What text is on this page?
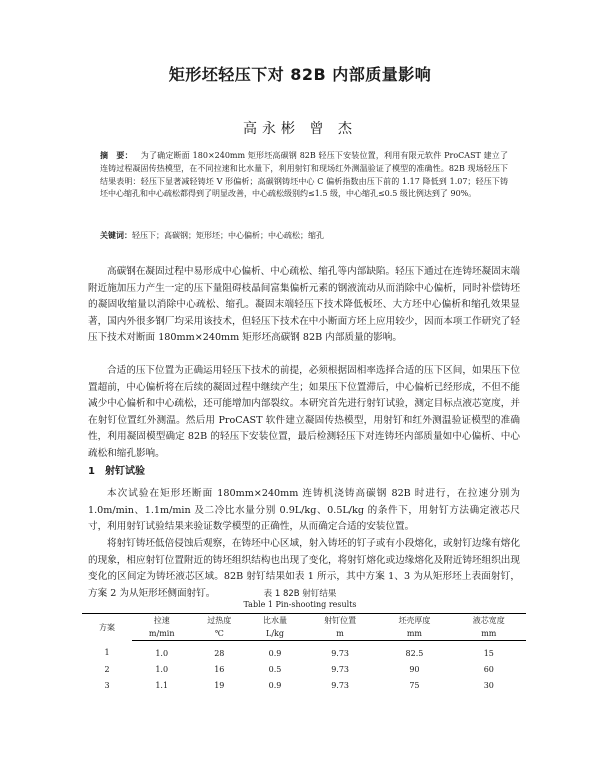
矩形坯轻压下对 82B 内部质量影响
高永彬 曾 杰
摘　要： 为了确定断面 180×240mm 矩形坯高碳钢 82B 轻压下安装位置，利用有限元软件 ProCAST 建立了连铸过程凝固传热模型，在不同拉速和比水量下，利用射钉和现场红外测温验证了模型的准确性。82B 现场轻压下结果表明：轻压下显著减轻铸坯 V 形偏析；高碳钢铸坯中心 C 偏析指数由压下前的 1.17 降低到 1.07；轻压下铸坯中心缩孔和中心疏松都得到了明显改善，中心疏松级别约≤1.5 级，中心缩孔≤0.5 级比例达到了 90%。
关键词：轻压下；高碳钢；矩形坯；中心偏析；中心疏松；缩孔
高碳钢在凝固过程中易形成中心偏析、中心疏松、缩孔等内部缺陷。轻压下通过在连铸坯凝固末端附近施加压力产生一定的压下量阻碍枝晶间富集偏析元素的钢液流动从而消除中心偏析，同时补偿铸坯的凝固收缩量以消除中心疏松、缩孔。凝固末端轻压下技术降低板坯、大方坯中心偏析和缩孔效果显著，国内外很多钢厂均采用该技术，但轻压下技术在中小断面方坯上应用较少，因而本项工作研究了轻压下技术对断面 180mm×240mm 矩形坯高碳钢 82B 内部质量的影响。
合适的压下位置为正确运用轻压下技术的前提，必须根据固相率选择合适的压下区间，如果压下位置超前，中心偏析将在后续的凝固过程中继续产生；如果压下位置滞后，中心偏析已经形成，不但不能减少中心偏析和中心疏松，还可能增加内部裂纹。本研究首先进行射钉试验，测定目标点液芯宽度，并在射钉位置红外测温。然后用 ProCAST 软件建立凝固传热模型，用射钉和红外测温验证模型的准确性，利用凝固模型确定 82B 的轻压下安装位置，最后检测轻压下对连铸坯内部质量如中心偏析、中心疏松和缩孔影响。
1　射钉试验
本次试验在矩形坯断面 180mm×240mm 连铸机浇铸高碳钢 82B 时进行，在拉速分别为 1.0m/min、1.1m/min 及二冷比水量分别 0.9L/kg、0.5L/kg 的条件下，用射钉方法确定液芯尺寸，利用射钉试验结果来验证数学模型的正确性，从而确定合适的安装位置。
将射钉铸坯低倍侵蚀后观察，在铸坯中心区域，射入铸坯的钉子或有小段熔化，或射钉边缘有熔化的现象，相应射钉位置附近的铸坯组织结构也出现了变化，将射钉熔化或边缘熔化及附近铸坯组织出现变化的区间定为铸坯液芯区域。82B 射钉结果如表 1 所示，其中方案 1、3 为从矩形坯上表面射钉，方案 2 为从矩形坯侧面射钉。	表 1 82B 射钉结果
Table 1 Pin-shooting results
方案	拉速	过热度	比水量	射钉位置	坯壳厚度	液芯宽度
	m/min	℃	L/kg	m	mm	mm
1	1.0	28	0.9	9.73	82.5	15
2	1.0	16	0.5	9.73	90	60
3	1.1	19	0.9	9.73	75	30
